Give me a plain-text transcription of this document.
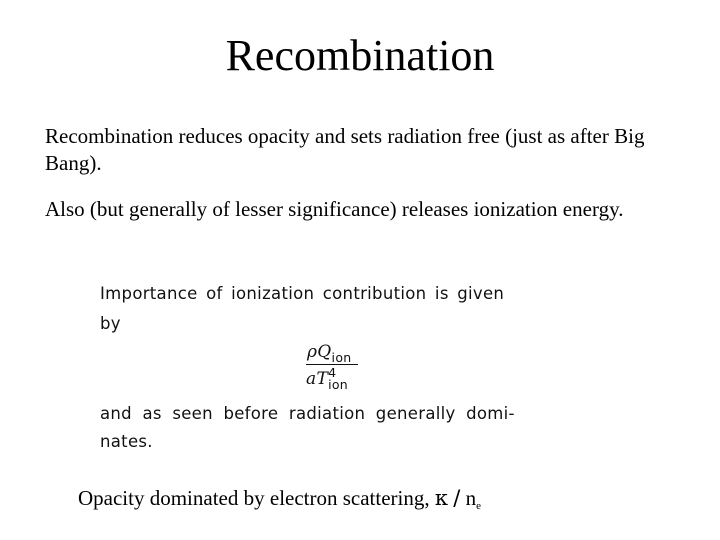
Recombination
Recombination reduces opacity and sets radiation free (just as after Big Bang).
Also (but generally of lesser significance) releases ionization energy.
Importance of ionization contribution is given
by
$\rho Q_{ion}$
aT 4
ion
and as seen before radiation generally domi-
nates.
Opacity dominated by electron scattering, κ / ne
